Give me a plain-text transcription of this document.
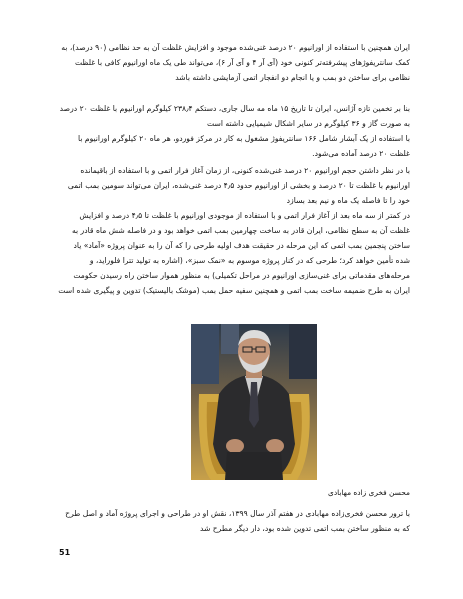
ایران همچنین با استفاده از اورانیوم ۲۰ درصد غنی‌شده موجود و افزایش غلظت آن به حد نظامی (۹۰ درصد)، به کمک سانتریفوژهای پیشرفته‌تر کنونی خود (آی آر ۴ و آی آر ۶)، می‌تواند طی یک ماه اورانیوم کافی با غلظت نظامی برای ساختن دو بمب و یا انجام دو انفجار اتمی آزمایشی داشته باشد

بنا بر تخمین تازه آژانس، ایران تا تاریخ ۱۵ ماه مه سال جاری، دستکم ۲۳۸٫۴ کیلوگرم اورانیوم با غلظت ۲۰ درصد به صورت گاز و ۳۶ کیلوگرم در سایر اشکال شیمیایی داشته است

با استفاده از یک آبشار شامل ۱۶۶ سانتریفوژ مشغول به کار در مرکز فوردو، هر ماه ۲۰ کیلوگرم اورانیوم با غلظت ۲۰ درصد آماده می‌شود.

با در نظر داشتن حجم اورانیوم ۲۰ درصد غنی‌شده کنونی، از زمان آغاز فرار اتمی و با استفاده از باقیمانده اورانیوم با غلظت تا ۲۰ درصد و بخشی از اورانیوم حدود ۴٫۵ درصد غنی‌شده، ایران می‌تواند سومین بمب اتمی خود را تا فاصله یک ماه و نیم بعد بسازد

در کمتر از سه ماه بعد از آغاز فرار اتمی و با استفاده از موجودی اورانیوم با غلظت تا ۴٫۵ درصد و افزایش غلظت آن به سطح نظامی، ایران قادر به ساخت چهارمین بمب اتمی خواهد بود و در فاصله شش ماه قادر به ساختن پنجمین بمب اتمی که این مرحله در حقیقت هدف اولیه طرحی را که آن را به عنوان پروژه «آماد» یاد شده تأمین خواهد کرد؛ طرحی که در کنار پروژه موسوم به «نمک سبز»، (اشاره به تولید تترا فلوراید، و مرحله‌های مقدماتی برای غنی‌سازی اورانیوم در مراحل تکمیلی) به منظور هموار ساختن راه رسیدن حکومت ایران به طرح ضمیمه ساخت بمب اتمی و همچنین سفیه حمل بمب (موشک بالیستیک) تدوین و پیگیری شده است

محسن فخری زاده مهابادی

با ترور محسن فخری‌زاده مهابادی در هفتم آذر سال ۱۳۹۹، نقش او در طراحی و اجرای پروژه آماد و اصل طرح که به منظور ساختن بمب اتمی تدوین شده بود، دار دیگر مطرح شد

51
